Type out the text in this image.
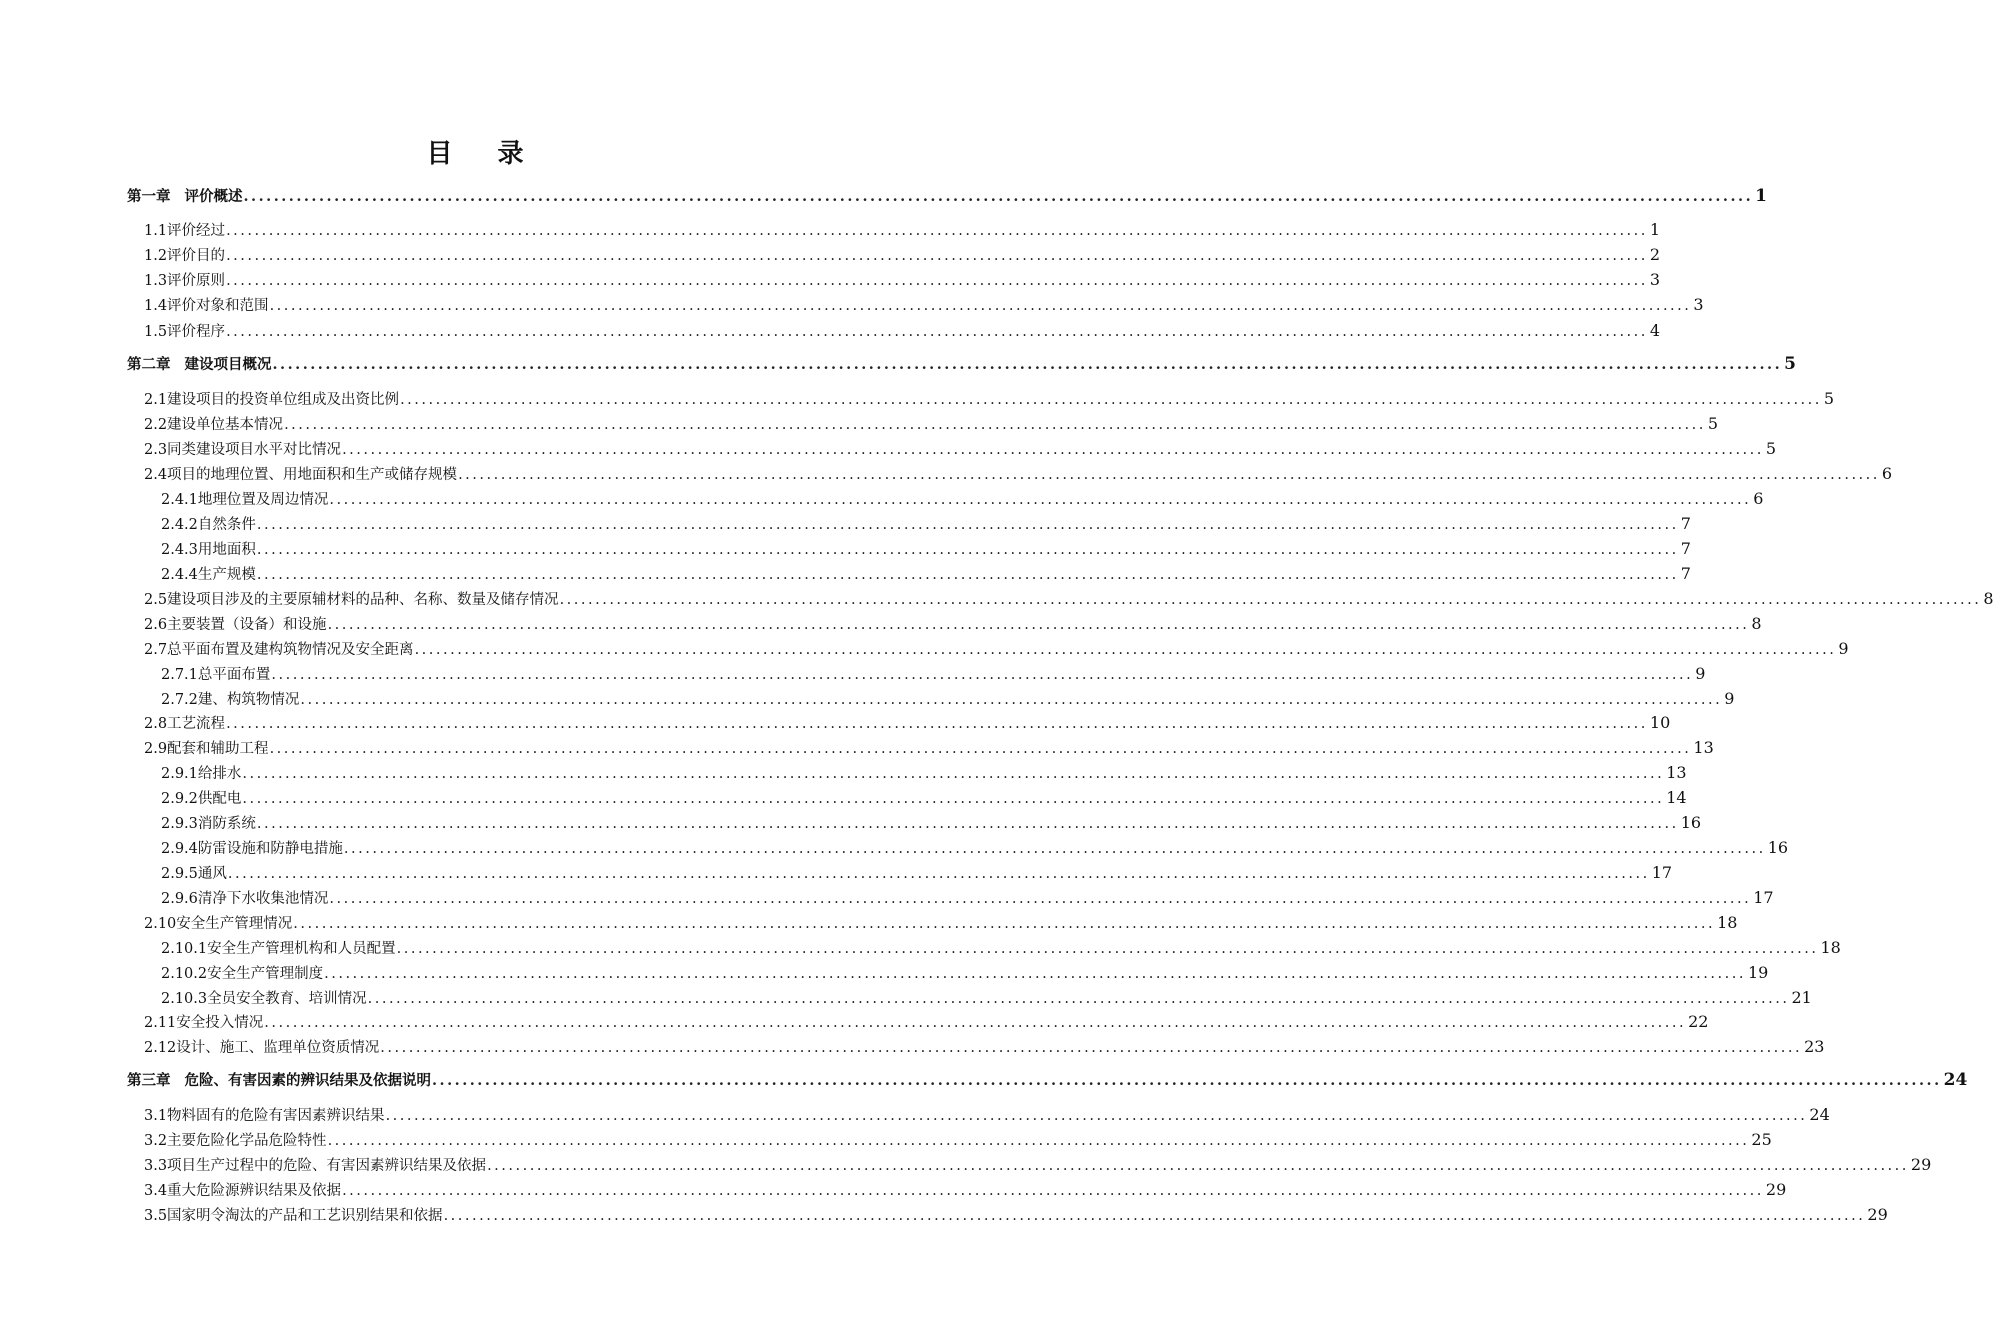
目 录
第一章 评价概述 ........................................................................................................................................................................................................ 1
1.1评价经过 ........................................................................................................................................................................................................ 1
1.2评价目的 ........................................................................................................................................................................................................ 2
1.3评价原则 ........................................................................................................................................................................................................ 3
1.4评价对象和范围 ........................................................................................................................................................................................................ 3
1.5评价程序 ........................................................................................................................................................................................................ 4
第二章 建设项目概况 ........................................................................................................................................................................................................ 5
2.1建设项目的投资单位组成及出资比例 ........................................................................................................................................................................................................ 5
2.2建设单位基本情况 ........................................................................................................................................................................................................ 5
2.3同类建设项目水平对比情况 ........................................................................................................................................................................................................ 5
2.4项目的地理位置、用地面积和生产或储存规模 ........................................................................................................................................................................................................ 6
2.4.1地理位置及周边情况 ........................................................................................................................................................................................................ 6
2.4.2自然条件 ........................................................................................................................................................................................................ 7
2.4.3用地面积 ........................................................................................................................................................................................................ 7
2.4.4生产规模 ........................................................................................................................................................................................................ 7
2.5建设项目涉及的主要原辅材料的品种、名称、数量及储存情况 ........................................................................................................................................................................................................ 8
2.6主要装置（设备）和设施 ........................................................................................................................................................................................................ 8
2.7总平面布置及建构筑物情况及安全距离 ........................................................................................................................................................................................................ 9
2.7.1总平面布置 ........................................................................................................................................................................................................ 9
2.7.2建、构筑物情况 ........................................................................................................................................................................................................ 9
2.8工艺流程 ........................................................................................................................................................................................................ 10
2.9配套和辅助工程 ........................................................................................................................................................................................................ 13
2.9.1给排水 ........................................................................................................................................................................................................ 13
2.9.2供配电 ........................................................................................................................................................................................................ 14
2.9.3消防系统 ........................................................................................................................................................................................................ 16
2.9.4防雷设施和防静电措施 ........................................................................................................................................................................................................ 16
2.9.5通风 ........................................................................................................................................................................................................ 17
2.9.6清净下水收集池情况 ........................................................................................................................................................................................................ 17
2.10安全生产管理情况 ........................................................................................................................................................................................................ 18
2.10.1安全生产管理机构和人员配置 ........................................................................................................................................................................................................ 18
2.10.2安全生产管理制度 ........................................................................................................................................................................................................ 19
2.10.3全员安全教育、培训情况 ........................................................................................................................................................................................................ 21
2.11安全投入情况 ........................................................................................................................................................................................................ 22
2.12设计、施工、监理单位资质情况 ........................................................................................................................................................................................................ 23
第三章 危险、有害因素的辨识结果及依据说明 ........................................................................................................................................................................................................ 24
3.1物料固有的危险有害因素辨识结果 ........................................................................................................................................................................................................ 24
3.2主要危险化学品危险特性 ........................................................................................................................................................................................................ 25
3.3项目生产过程中的危险、有害因素辨识结果及依据 ........................................................................................................................................................................................................ 29
3.4重大危险源辨识结果及依据 ........................................................................................................................................................................................................ 29
3.5国家明令淘汰的产品和工艺识别结果和依据 ........................................................................................................................................................................................................ 29
